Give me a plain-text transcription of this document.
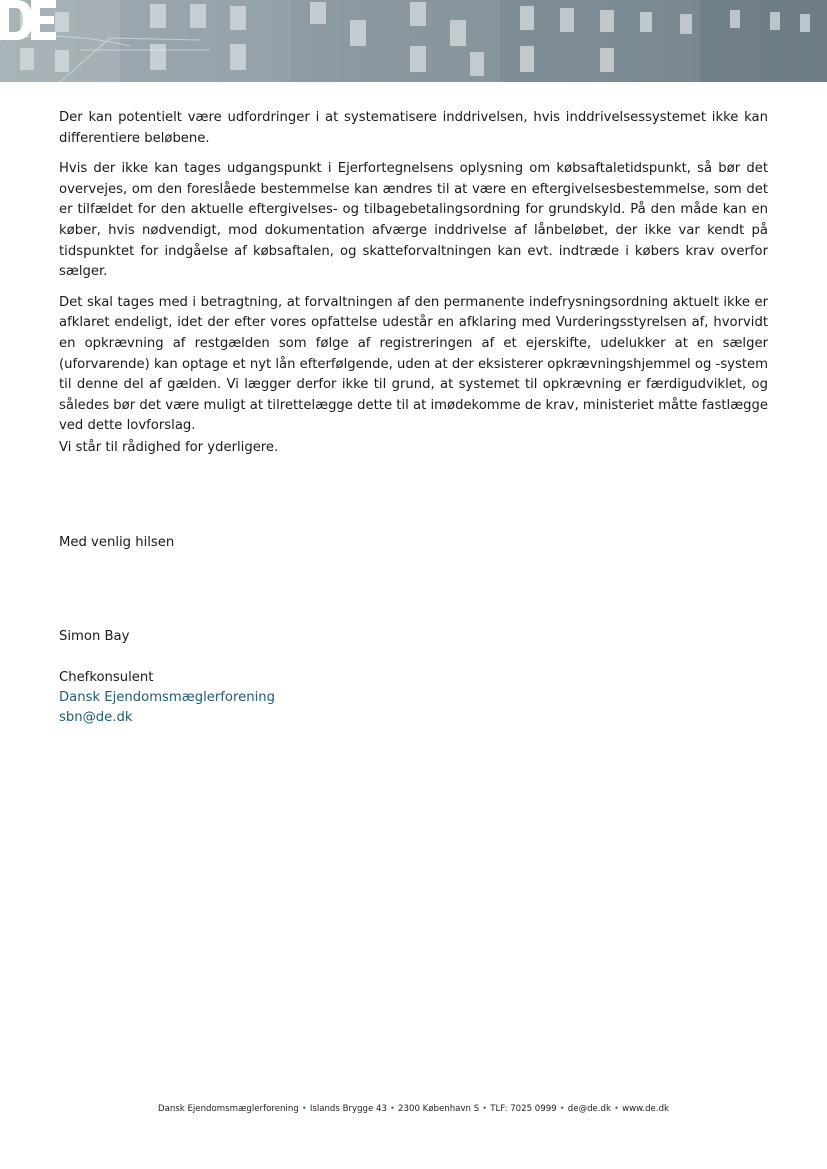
Der kan potentielt være udfordringer i at systematisere inddrivelsen, hvis inddrivelsessystemet ikke kan differentiere beløbene.

Hvis der ikke kan tages udgangspunkt i Ejerfortegnelsens oplysning om købsaftaletidspunkt, så bør det overvejes, om den foreslåede bestemmelse kan ændres til at være en eftergivelsesbestemmelse, som det er tilfældet for den aktuelle eftergivelses- og tilbagebetalingsordning for grundskyld. På den måde kan en køber, hvis nødvendigt, mod dokumentation afværge inddrivelse af lånbeløbet, der ikke var kendt på tidspunktet for indgåelse af købsaftalen, og skatteforvaltningen kan evt. indtræde i købers krav overfor sælger.

Det skal tages med i betragtning, at forvaltningen af den permanente indefrysningsordning aktuelt ikke er afklaret endeligt, idet der efter vores opfattelse udestår en afklaring med Vurderingsstyrelsen af, hvorvidt en opkrævning af restgælden som følge af registreringen af et ejerskifte, udelukker at en sælger (uforvarende) kan optage et nyt lån efterfølgende, uden at der eksisterer opkrævningshjemmel og -system til denne del af gælden. Vi lægger derfor ikke til grund, at systemet til opkrævning er færdigudviklet, og således bør det være muligt at tilrettelægge dette til at imødekomme de krav, ministeriet måtte fastlægge ved dette lovforslag.

Vi står til rådighed for yderligere.
Med venlig hilsen
Simon Bay
Chefkonsulent
Dansk Ejendomsmæglerforening
sbn@de.dk
Dansk Ejendomsmæglerforening • Islands Brygge 43 • 2300 København S • TLF: 7025 0999 • de@de.dk • www.de.dk
